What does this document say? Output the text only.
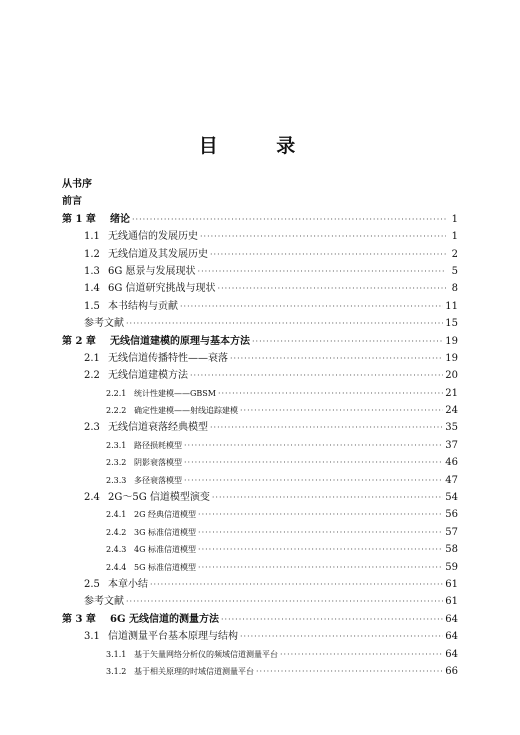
目 录
从书序
前言
第 1 章	绪论 ·····	1
1.1 无线通信的发展历史 ·····	1
1.2 无线信道及其发展历史 ·····	2
1.3 6G 愿景与发展现状 ·····	5
1.4 6G 信道研究挑战与现状 ·····	8
1.5 本书结构与贡献 ·····	11
参考文献 ·····	15
第 2 章	无线信道建模的原理与基本方法 ·····	19
2.1 无线信道传播特性——衰落 ·····	19
2.2 无线信道建模方法 ·····	20
2.2.1 统计性建模——GBSM ·····	21
2.2.2 确定性建模——射线追踪建模 ·····	24
2.3 无线信道衰落经典模型 ·····	35
2.3.1 路径损耗模型 ·····	37
2.3.2 阴影衰落模型 ·····	46
2.3.3 多径衰落模型 ·····	47
2.4 2G～5G 信道模型演变 ·····	54
2.4.1 2G 经典信道模型 ·····	56
2.4.2 3G 标准信道模型 ·····	57
2.4.3 4G 标准信道模型 ·····	58
2.4.4 5G 标准信道模型 ·····	59
2.5 本章小结 ·····	61
参考文献 ·····	61
第 3 章	6G 无线信道的测量方法 ·····	64
3.1 信道测量平台基本原理与结构 ·····	64
3.1.1 基于矢量网络分析仪的频域信道测量平台 ·····	64
3.1.2 基于相关原理的时域信道测量平台 ·····	66
